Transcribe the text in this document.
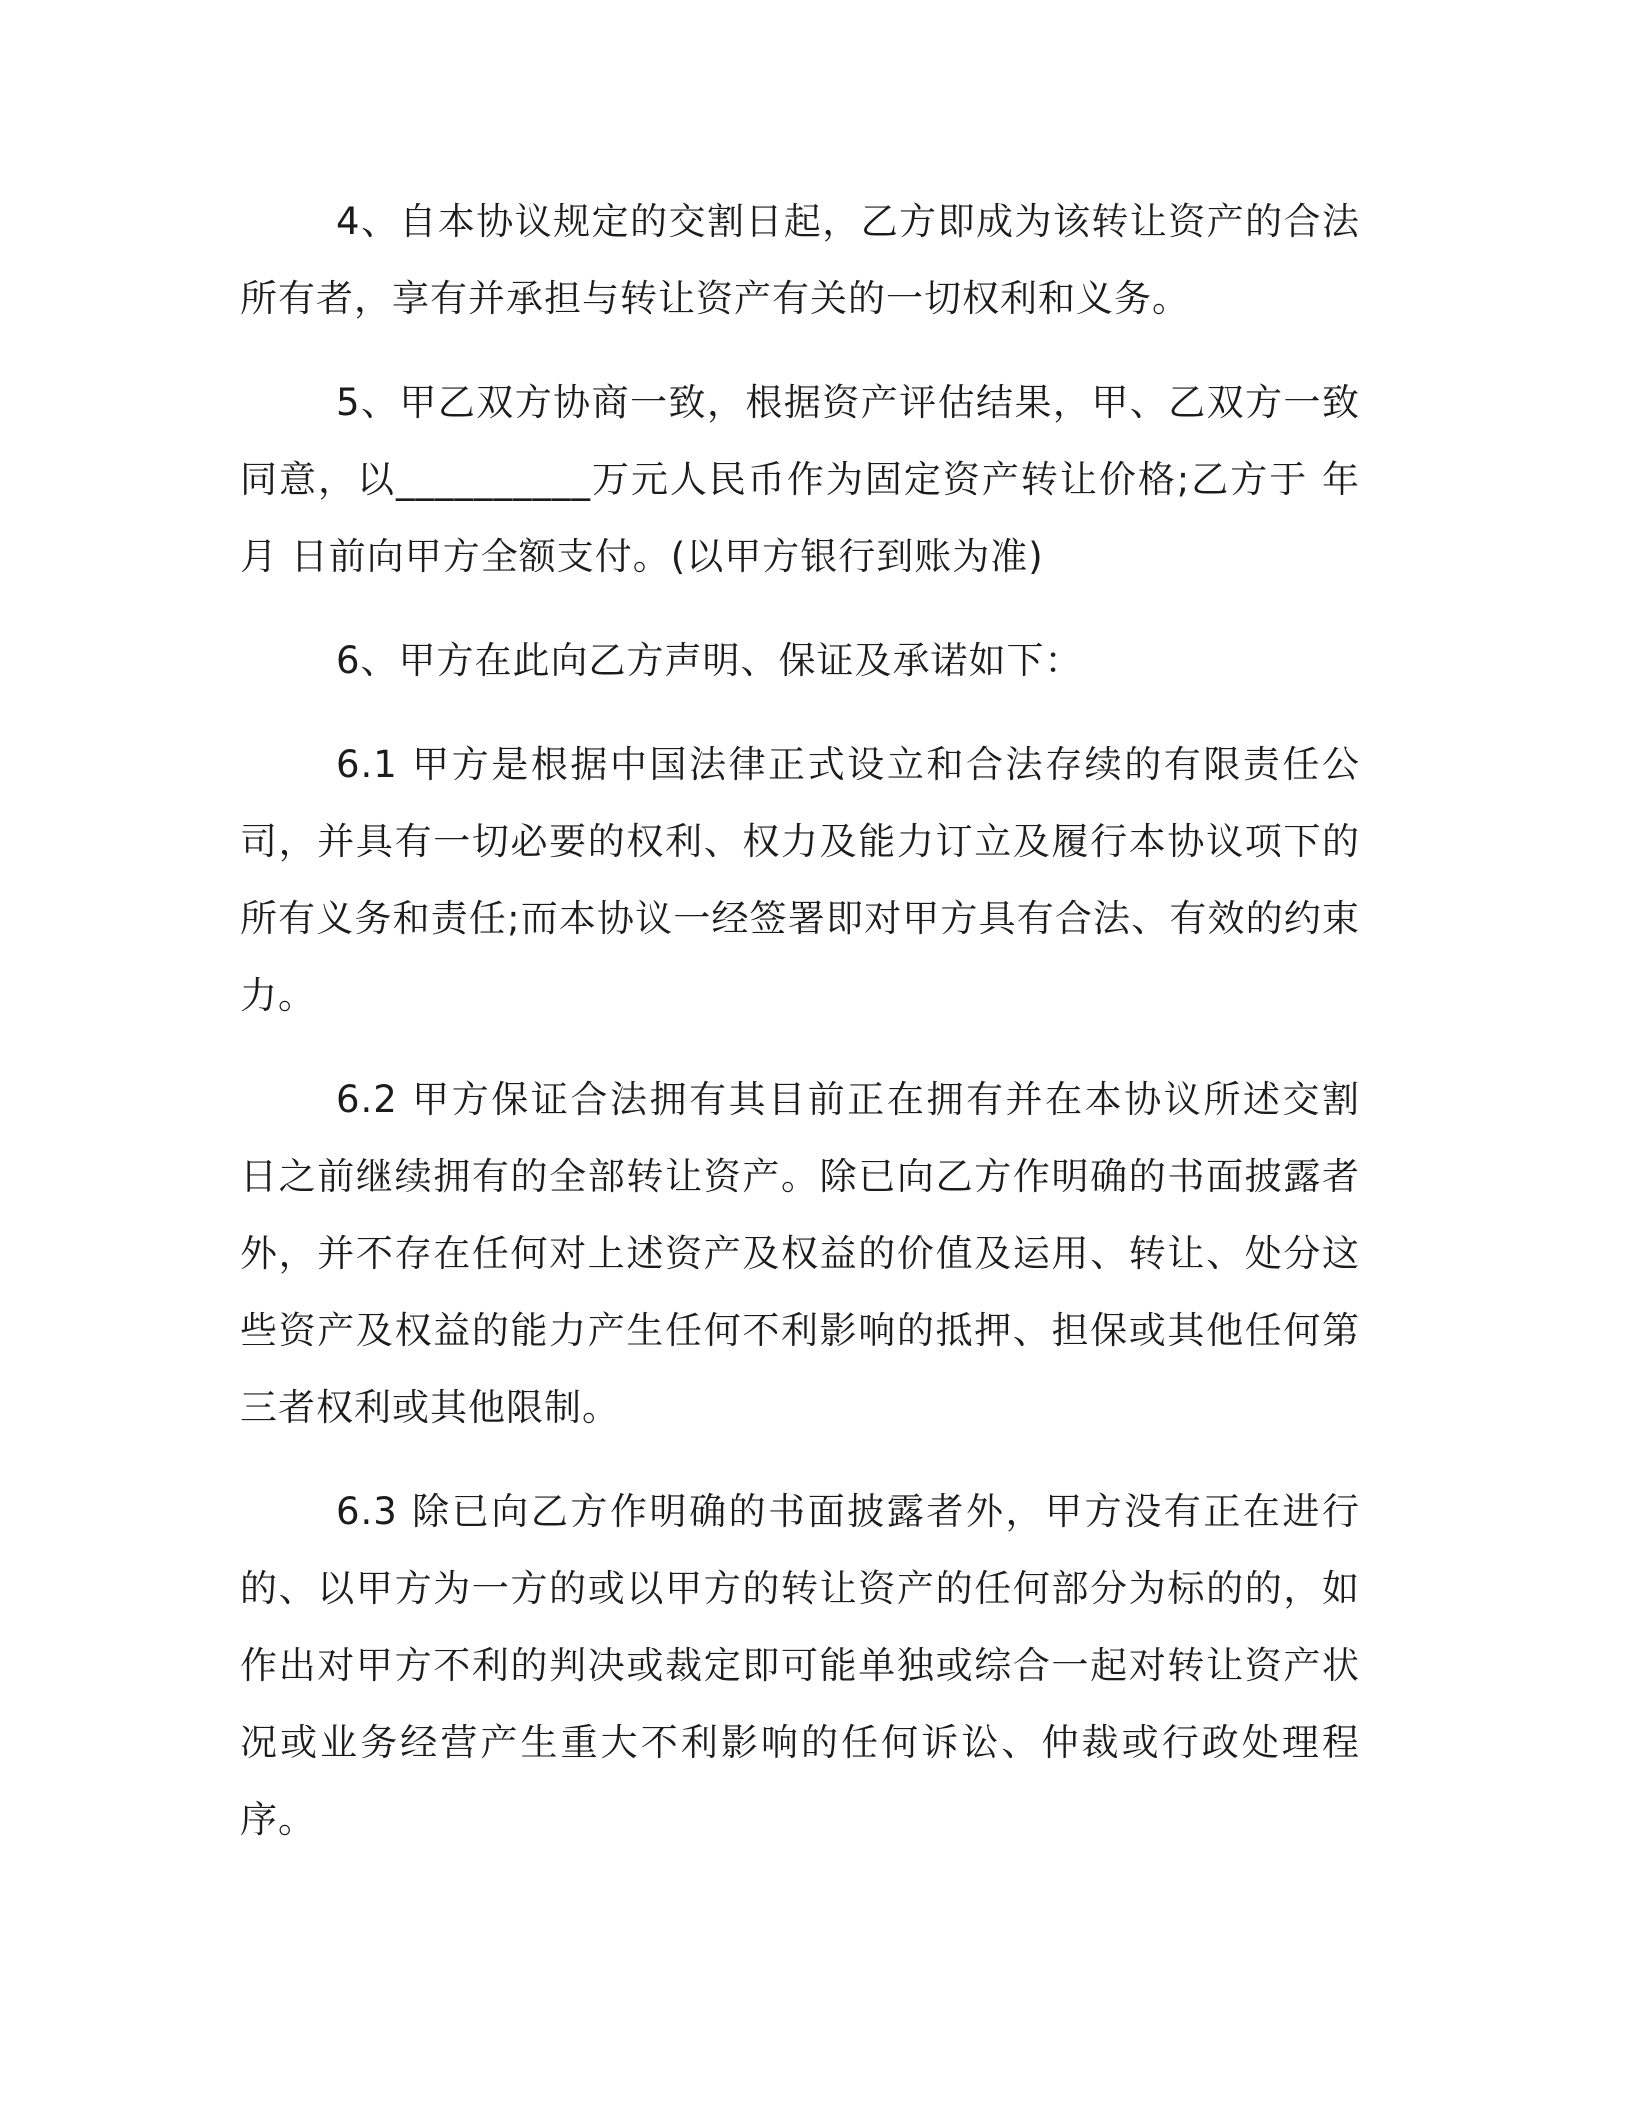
4、自本协议规定的交割日起，乙方即成为该转让资产的合法所有者，享有并承担与转让资产有关的一切权利和义务。

5、甲乙双方协商一致，根据资产评估结果，甲、乙双方一致同意，以__________万元人民币作为固定资产转让价格;乙方于 年 月 日前向甲方全额支付。(以甲方银行到账为准)

6、甲方在此向乙方声明、保证及承诺如下：

6.1 甲方是根据中国法律正式设立和合法存续的有限责任公司，并具有一切必要的权利、权力及能力订立及履行本协议项下的所有义务和责任;而本协议一经签署即对甲方具有合法、有效的约束力。

6.2 甲方保证合法拥有其目前正在拥有并在本协议所述交割日之前继续拥有的全部转让资产。除已向乙方作明确的书面披露者外，并不存在任何对上述资产及权益的价值及运用、转让、处分这些资产及权益的能力产生任何不利影响的抵押、担保或其他任何第三者权利或其他限制。

6.3 除已向乙方作明确的书面披露者外，甲方没有正在进行的、以甲方为一方的或以甲方的转让资产的任何部分为标的的，如作出对甲方不利的判决或裁定即可能单独或综合一起对转让资产状况或业务经营产生重大不利影响的任何诉讼、仲裁或行政处理程序。
